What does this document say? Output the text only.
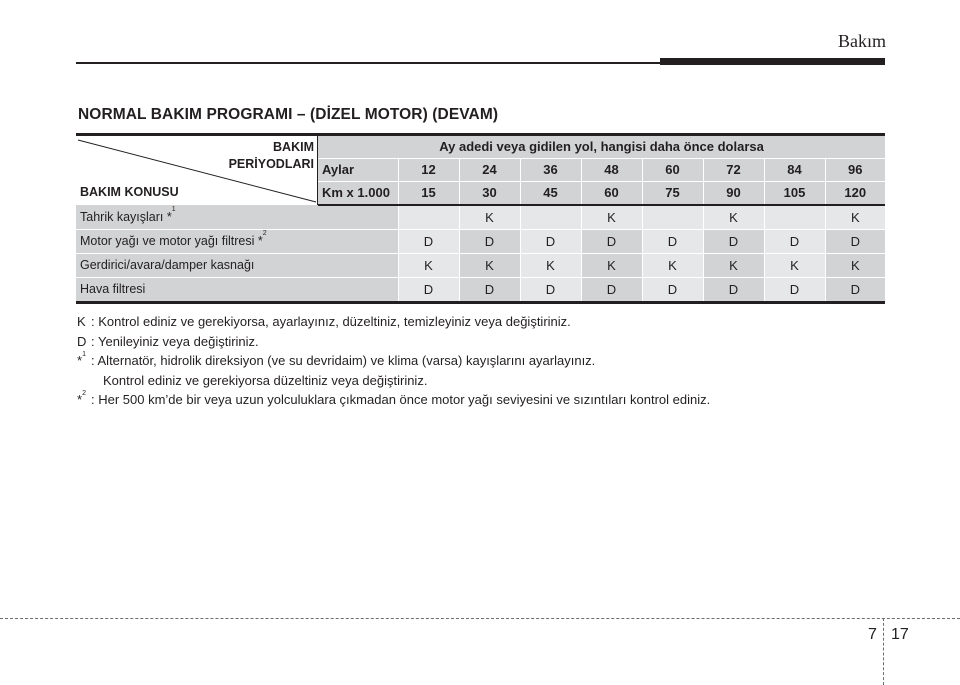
Bakım
NORMAL BAKIM PROGRAMI – (DİZEL MOTOR) (DEVAM)
BAKIM
PERİYODLARI
BAKIM KONUSU	Ay adedi veya gidilen yol, hangisi daha önce dolarsa								
	Aylar	12	24	36	48	60	72	84	96
	Km x 1.000	15	30	45	60	75	90	105	120
Tahrik kayışları *$^1$			K		K		K		K
Motor yağı ve motor yağı filtresi *$^2$		D	D	D	D	D	D	D	D
Gerdirici/avara/damper kasnağı		K	K	K	K	K	K	K	K
Hava filtresi		D	D	D	D	D	D	D	D
K : Kontrol ediniz ve gerekiyorsa, ayarlayınız, düzeltiniz, temizleyiniz veya değiştiriniz.
D : Yenileyiniz veya değiştiriniz.
*$^1$ : Alternatör, hidrolik direksiyon (ve su devridaim) ve klima (varsa) kayışlarını ayarlayınız.
Kontrol ediniz ve gerekiyorsa düzeltiniz veya değiştiriniz.
*$^2$ : Her 500 km’de bir veya uzun yolculuklara çıkmadan önce motor yağı seviyesini ve sızıntıları kontrol ediniz.
7 17
